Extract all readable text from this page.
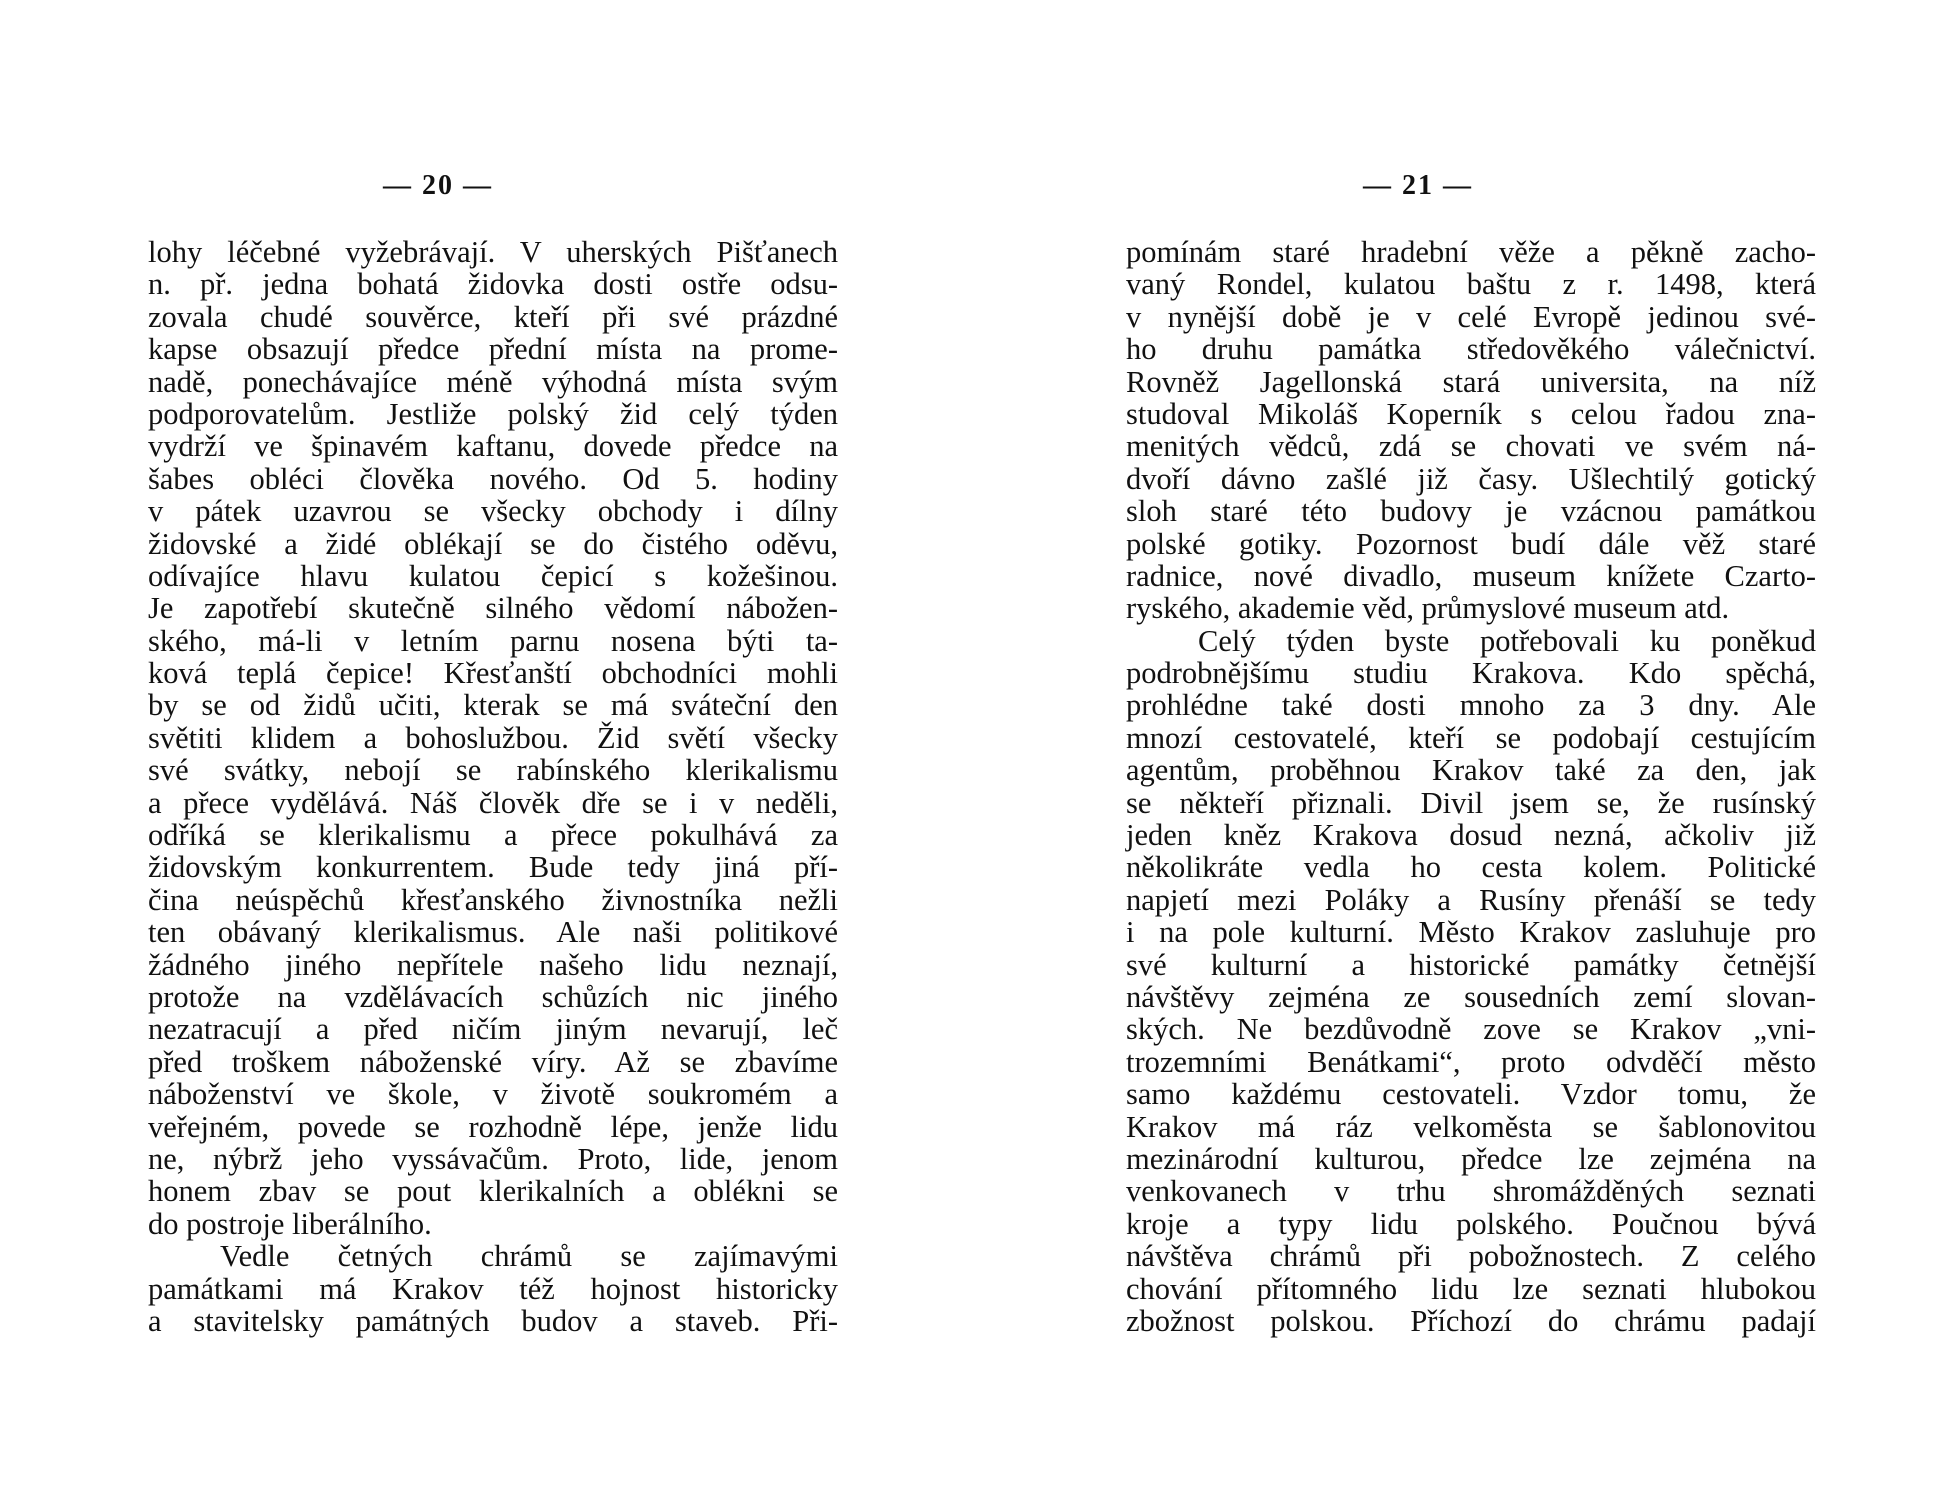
— 20 —
lohy léčebné vyžebrávají. V uherských Pišťanech
n. př. jedna bohatá židovka dosti ostře odsu-
zovala chudé souvěrce, kteří při své prázdné
kapse obsazují předce přední místa na prome-
nadě, ponechávajíce méně výhodná místa svým
podporovatelům. Jestliže polský žid celý týden
vydrží ve špinavém kaftanu, dovede předce na
šabes obléci člověka nového. Od 5. hodiny
v pátek uzavrou se všecky obchody i dílny
židovské a židé oblékají se do čistého oděvu,
odívajíce hlavu kulatou čepicí s kožešinou.
Je zapotřebí skutečně silného vědomí nábožen-
ského, má-li v letním parnu nosena býti ta-
ková teplá čepice! Křesťanští obchodníci mohli
by se od židů učiti, kterak se má sváteční den
světiti klidem a bohoslužbou. Žid světí všecky
své svátky, nebojí se rabínského klerikalismu
a přece vydělává. Náš člověk dře se i v neděli,
odříká se klerikalismu a přece pokulhává za
židovským konkurrentem. Bude tedy jiná pří-
čina neúspěchů křesťanského živnostníka nežli
ten obávaný klerikalismus. Ale naši politikové
žádného jiného nepřítele našeho lidu neznají,
protože na vzdělávacích schůzích nic jiného
nezatracují a před ničím jiným nevarují, leč
před troškem náboženské víry. Až se zbavíme
náboženství ve škole, v životě soukromém a
veřejném, povede se rozhodně lépe, jenže lidu
ne, nýbrž jeho vyssávačům. Proto, lide, jenom
honem zbav se pout klerikalních a oblékni se
do postroje liberálního.
Vedle četných chrámů se zajímavými
památkami má Krakov též hojnost historicky
a stavitelsky památných budov a staveb. Při-
— 21 —
pomínám staré hradební věže a pěkně zacho-
vaný Rondel, kulatou baštu z r. 1498, která
v nynější době je v celé Evropě jedinou své-
ho druhu památka středověkého válečnictví.
Rovněž Jagellonská stará universita, na níž
studoval Mikoláš Koperník s celou řadou zna-
menitých vědců, zdá se chovati ve svém ná-
dvoří dávno zašlé již časy. Ušlechtilý gotický
sloh staré této budovy je vzácnou památkou
polské gotiky. Pozornost budí dále věž staré
radnice, nové divadlo, museum knížete Czarto-
ryského, akademie věd, průmyslové museum atd.
Celý týden byste potřebovali ku poněkud
podrobnějšímu studiu Krakova. Kdo spěchá,
prohlédne také dosti mnoho za 3 dny. Ale
mnozí cestovatelé, kteří se podobají cestujícím
agentům, proběhnou Krakov také za den, jak
se někteří přiznali. Divil jsem se, že rusínský
jeden kněz Krakova dosud nezná, ačkoliv již
několikráte vedla ho cesta kolem. Politické
napjetí mezi Poláky a Rusíny přenáší se tedy
i na pole kulturní. Město Krakov zasluhuje pro
své kulturní a historické památky četnější
návštěvy zejména ze sousedních zemí slovan-
ských. Ne bezdůvodně zove se Krakov „vni-
trozemními Benátkami“, proto odvděčí město
samo každému cestovateli. Vzdor tomu, že
Krakov má ráz velkoměsta se šablonovitou
mezinárodní kulturou, předce lze zejména na
venkovanech v trhu shromážděných seznati
kroje a typy lidu polského. Poučnou bývá
návštěva chrámů při pobožnostech. Z celého
chování přítomného lidu lze seznati hlubokou
zbožnost polskou. Příchozí do chrámu padají
